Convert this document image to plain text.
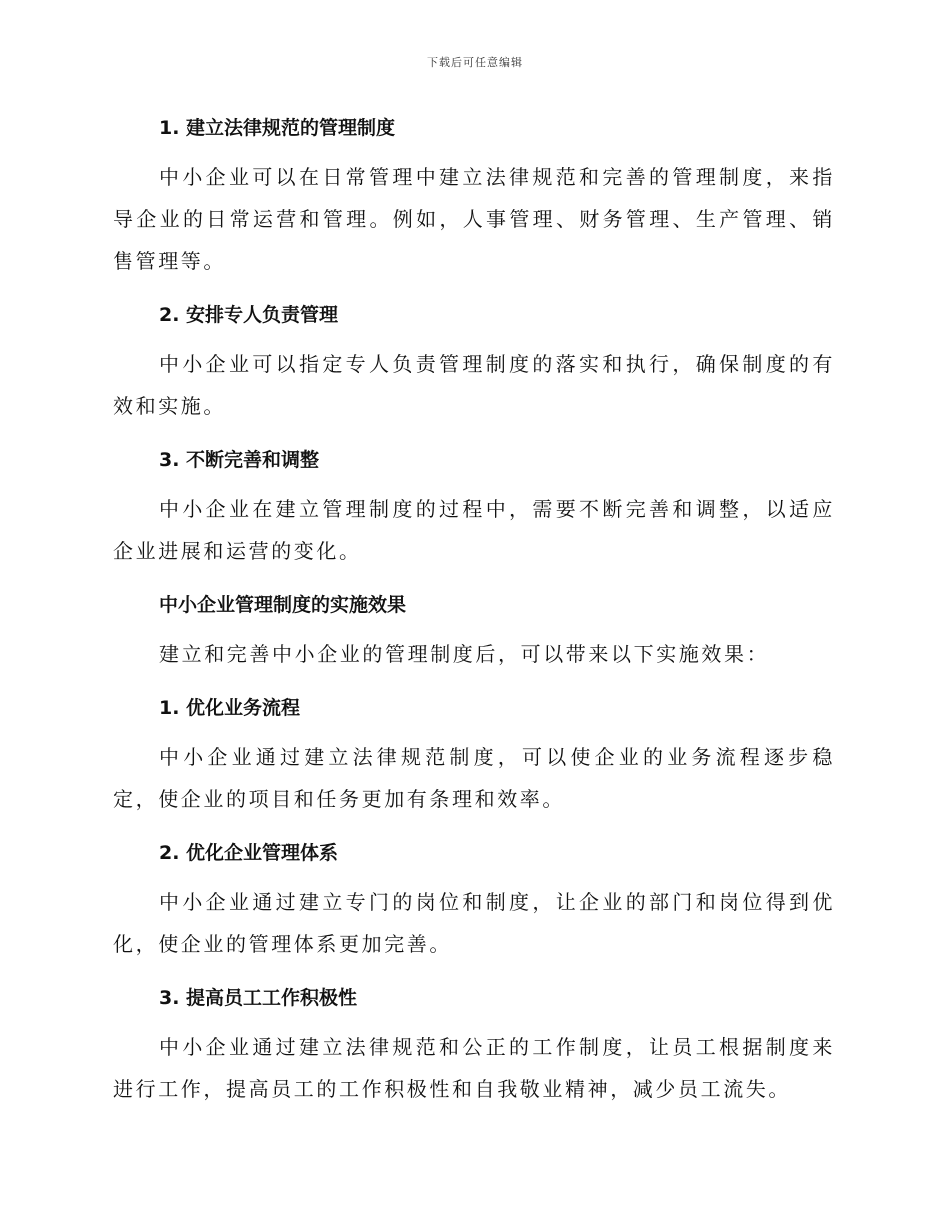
下载后可任意编辑
1. 建立法律规范的管理制度

中小企业可以在日常管理中建立法律规范和完善的管理制度，来指导企业的日常运营和管理。例如，人事管理、财务管理、生产管理、销售管理等。

2. 安排专人负责管理

中小企业可以指定专人负责管理制度的落实和执行，确保制度的有效和实施。

3. 不断完善和调整

中小企业在建立管理制度的过程中，需要不断完善和调整，以适应企业进展和运营的变化。

中小企业管理制度的实施效果

建立和完善中小企业的管理制度后，可以带来以下实施效果：

1. 优化业务流程

中小企业通过建立法律规范制度，可以使企业的业务流程逐步稳定，使企业的项目和任务更加有条理和效率。

2. 优化企业管理体系

中小企业通过建立专门的岗位和制度，让企业的部门和岗位得到优化，使企业的管理体系更加完善。

3. 提高员工工作积极性

中小企业通过建立法律规范和公正的工作制度，让员工根据制度来进行工作，提高员工的工作积极性和自我敬业精神，减少员工流失。
